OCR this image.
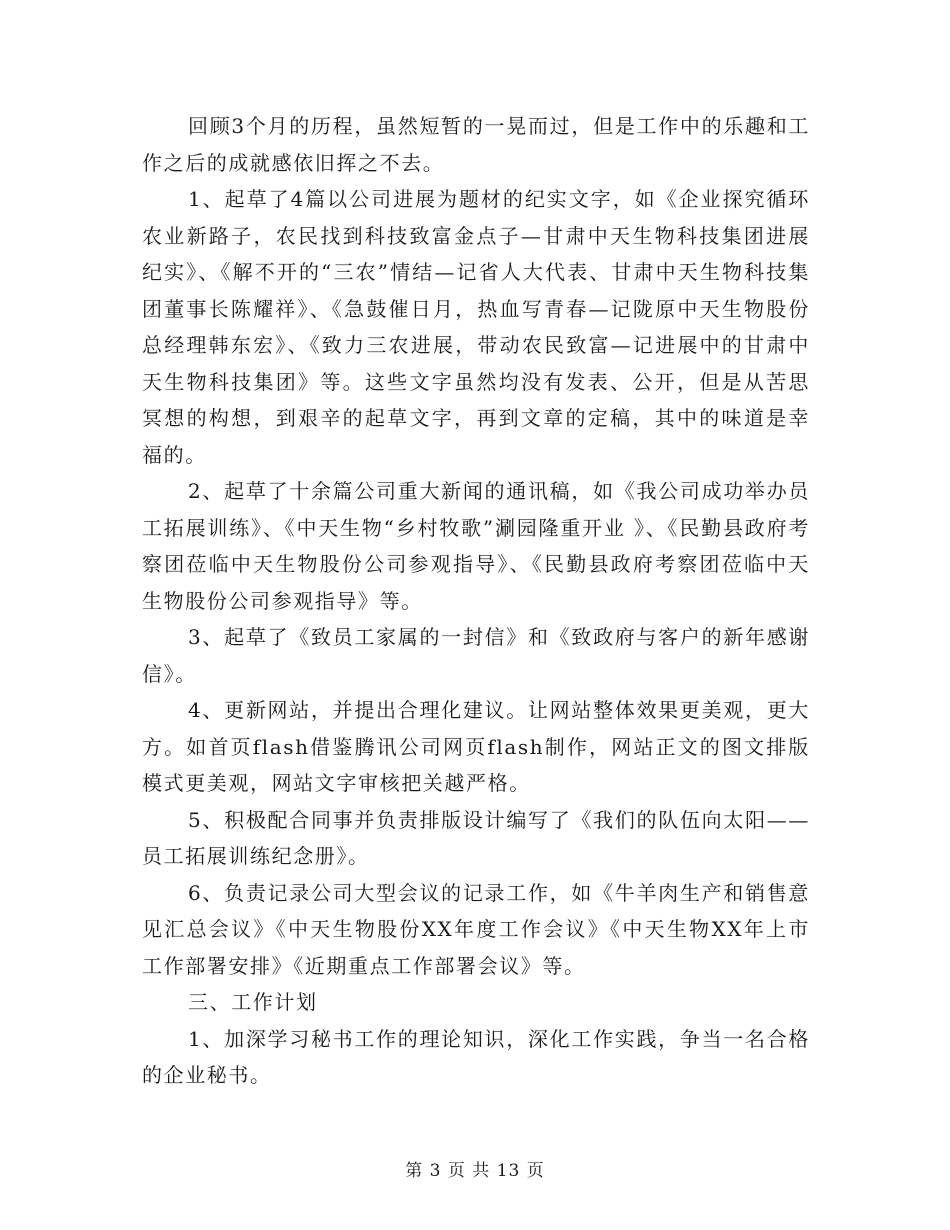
回顾3个月的历程，虽然短暂的一晃而过，但是工作中的乐趣和工作之后的成就感依旧挥之不去。

1、起草了4篇以公司进展为题材的纪实文字，如《企业探究循环农业新路子，农民找到科技致富金点子—甘肃中天生物科技集团进展纪实》、《解不开的“三农”情结—记省人大代表、甘肃中天生物科技集团董事长陈耀祥》、《急鼓催日月，热血写青春—记陇原中天生物股份总经理韩东宏》、《致力三农进展，带动农民致富—记进展中的甘肃中天生物科技集团》等。这些文字虽然均没有发表、公开，但是从苦思冥想的构想，到艰辛的起草文字，再到文章的定稿，其中的味道是幸福的。

2、起草了十余篇公司重大新闻的通讯稿，如《我公司成功举办员工拓展训练》、《中天生物“乡村牧歌”涮园隆重开业 》、《民勤县政府考察团莅临中天生物股份公司参观指导》、《民勤县政府考察团莅临中天生物股份公司参观指导》等。

3、起草了《致员工家属的一封信》和《致政府与客户的新年感谢信》。

4、更新网站，并提出合理化建议。让网站整体效果更美观，更大方。如首页flash借鉴腾讯公司网页flash制作，网站正文的图文排版模式更美观，网站文字审核把关越严格。

5、积极配合同事并负责排版设计编写了《我们的队伍向太阳——员工拓展训练纪念册》。

6、负责记录公司大型会议的记录工作，如《牛羊肉生产和销售意见汇总会议》《中天生物股份XX年度工作会议》《中天生物XX年上市工作部署安排》《近期重点工作部署会议》等。

三、工作计划

1、加深学习秘书工作的理论知识，深化工作实践，争当一名合格的企业秘书。

第 3 页 共 13 页
